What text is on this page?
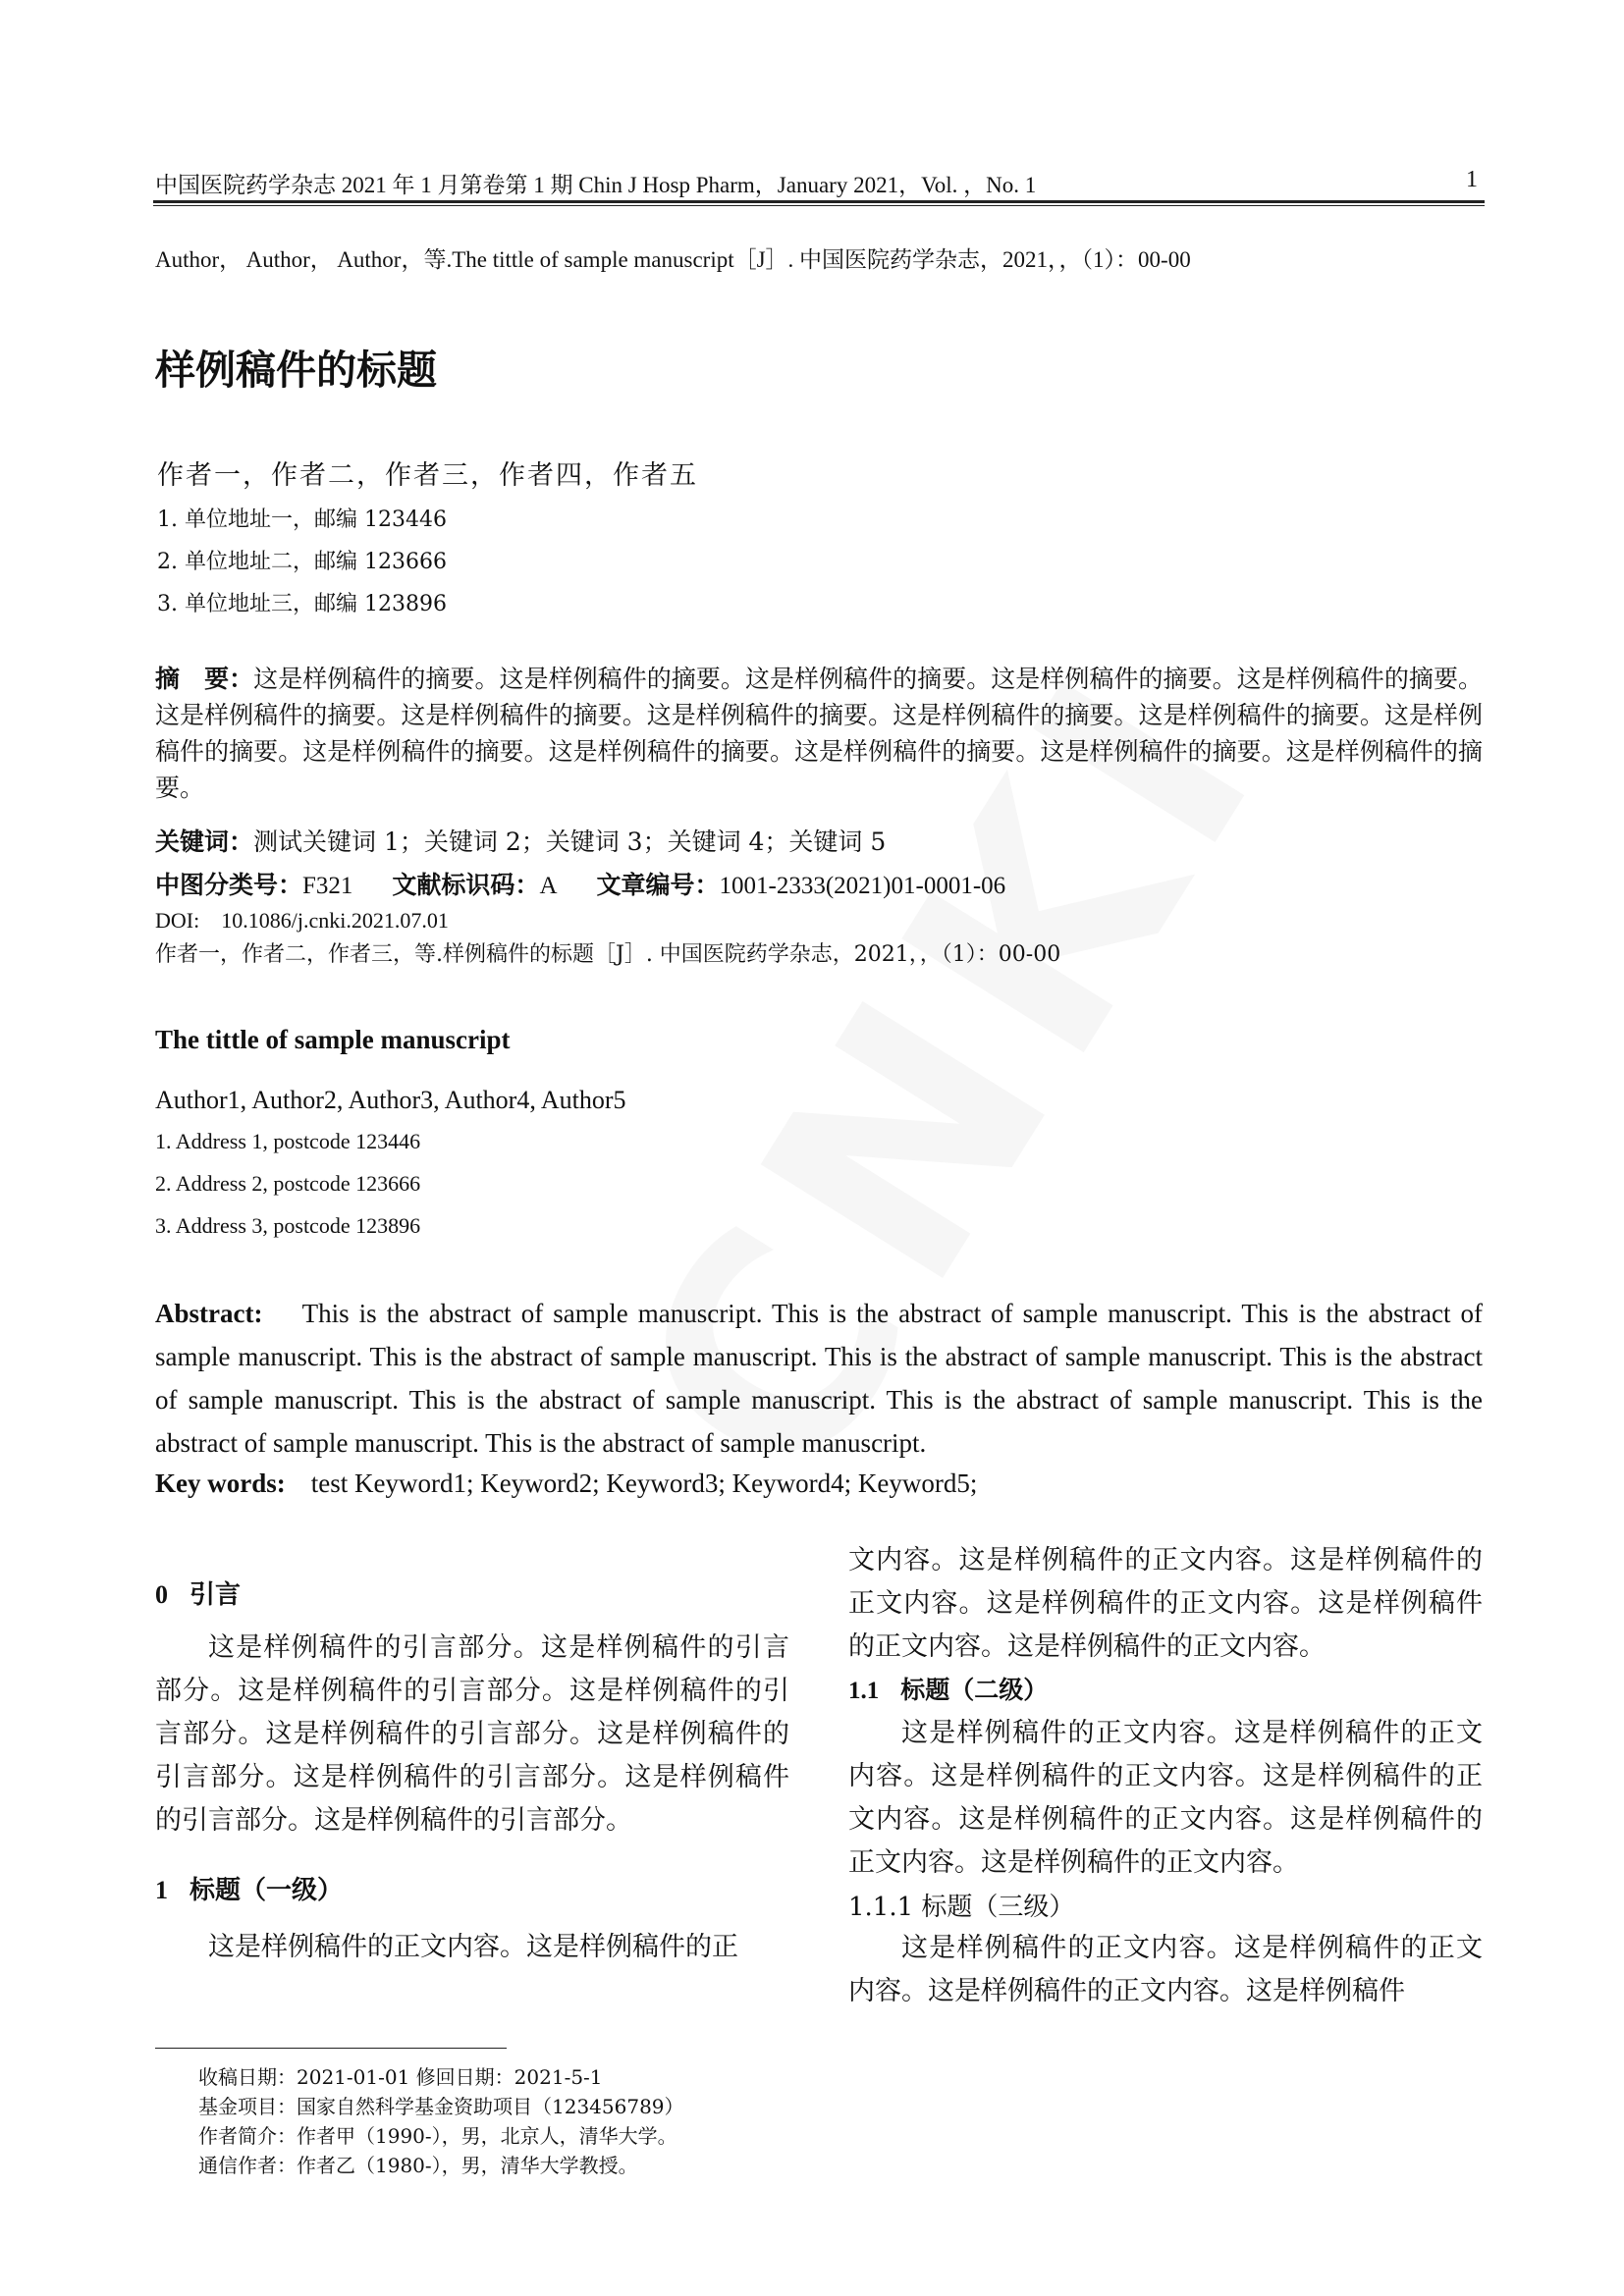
中国医院药学杂志 2021 年 1 月第卷第 1 期 Chin J Hosp Pharm，January 2021，Vol. ，No. 1	1
Author， Author， Author，等.The tittle of sample manuscript［J］. 中国医院药学杂志，2021，，（1）：00-00
样例稿件的标题
作者一，作者二，作者三，作者四，作者五
1. 单位地址一，邮编 123446
2. 单位地址二，邮编 123666
3. 单位地址三，邮编 123896
摘　要：这是样例稿件的摘要。这是样例稿件的摘要。这是样例稿件的摘要。这是样例稿件的摘要。这是样例稿件的摘要。这是样例稿件的摘要。这是样例稿件的摘要。这是样例稿件的摘要。这是样例稿件的摘要。这是样例稿件的摘要。这是样例稿件的摘要。这是样例稿件的摘要。这是样例稿件的摘要。这是样例稿件的摘要。这是样例稿件的摘要。这是样例稿件的摘要。
关键词：测试关键词 1；关键词 2；关键词 3；关键词 4；关键词 5
中图分类号：F321 文献标识码：A 文章编号：1001-2333(2021)01-0001-06
DOI:　10.1086/j.cnki.2021.07.01
作者一，作者二，作者三，等.样例稿件的标题［J］. 中国医院药学杂志，2021，，（1）：00-00
The tittle of sample manuscript
Author1, Author2, Author3, Author4, Author5
1. Address 1, postcode 123446
2. Address 2, postcode 123666
3. Address 3, postcode 123896
Abstract: This is the abstract of sample manuscript. This is the abstract of sample manuscript. This is the abstract of sample manuscript. This is the abstract of sample manuscript. This is the abstract of sample manuscript. This is the abstract of sample manuscript. This is the abstract of sample manuscript. This is the abstract of sample manuscript. This is the abstract of sample manuscript. This is the abstract of sample manuscript.
Key words: test Keyword1; Keyword2; Keyword3; Keyword4; Keyword5;
0 引言
这是样例稿件的引言部分。这是样例稿件的引言部分。这是样例稿件的引言部分。这是样例稿件的引言部分。这是样例稿件的引言部分。这是样例稿件的引言部分。这是样例稿件的引言部分。这是样例稿件的引言部分。这是样例稿件的引言部分。
1 标题（一级）
这是样例稿件的正文内容。这是样例稿件的正
文内容。这是样例稿件的正文内容。这是样例稿件的正文内容。这是样例稿件的正文内容。这是样例稿件的正文内容。这是样例稿件的正文内容。
1.1 标题（二级）
这是样例稿件的正文内容。这是样例稿件的正文内容。这是样例稿件的正文内容。这是样例稿件的正文内容。这是样例稿件的正文内容。这是样例稿件的正文内容。这是样例稿件的正文内容。
1.1.1 标题（三级）
这是样例稿件的正文内容。这是样例稿件的正文内容。这是样例稿件的正文内容。这是样例稿件
收稿日期：2021-01-01 修回日期：2021-5-1
基金项目：国家自然科学基金资助项目（123456789）
作者简介：作者甲（1990-），男，北京人，清华大学。
通信作者：作者乙（1980-），男，清华大学教授。
